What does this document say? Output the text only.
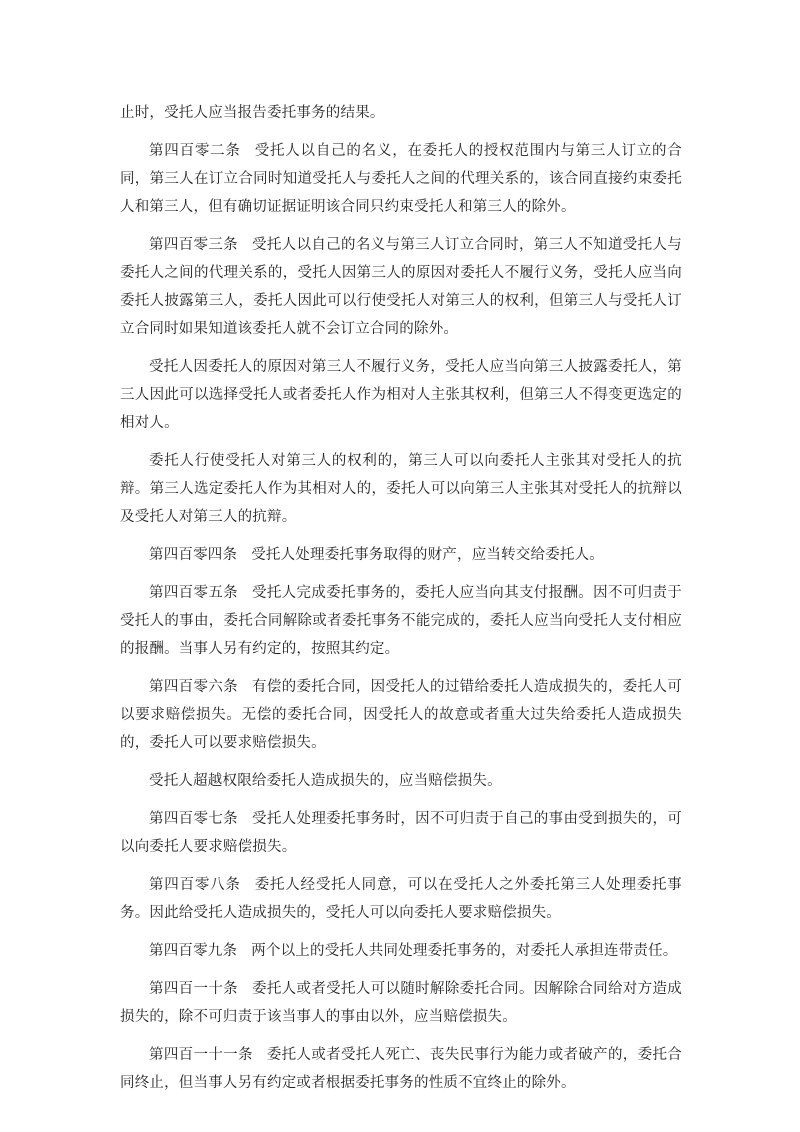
止时，受托人应当报告委托事务的结果。

第四百零二条 受托人以自己的名义，在委托人的授权范围内与第三人订立的合同，第三人在订立合同时知道受托人与委托人之间的代理关系的，该合同直接约束委托人和第三人，但有确切证据证明该合同只约束受托人和第三人的除外。

第四百零三条 受托人以自己的名义与第三人订立合同时，第三人不知道受托人与委托人之间的代理关系的，受托人因第三人的原因对委托人不履行义务，受托人应当向委托人披露第三人，委托人因此可以行使受托人对第三人的权利，但第三人与受托人订立合同时如果知道该委托人就不会订立合同的除外。

受托人因委托人的原因对第三人不履行义务，受托人应当向第三人披露委托人，第三人因此可以选择受托人或者委托人作为相对人主张其权利，但第三人不得变更选定的相对人。

委托人行使受托人对第三人的权利的，第三人可以向委托人主张其对受托人的抗辩。第三人选定委托人作为其相对人的，委托人可以向第三人主张其对受托人的抗辩以及受托人对第三人的抗辩。

第四百零四条 受托人处理委托事务取得的财产，应当转交给委托人。

第四百零五条 受托人完成委托事务的，委托人应当向其支付报酬。因不可归责于受托人的事由，委托合同解除或者委托事务不能完成的，委托人应当向受托人支付相应的报酬。当事人另有约定的，按照其约定。

第四百零六条 有偿的委托合同，因受托人的过错给委托人造成损失的，委托人可以要求赔偿损失。无偿的委托合同，因受托人的故意或者重大过失给委托人造成损失的，委托人可以要求赔偿损失。

受托人超越权限给委托人造成损失的，应当赔偿损失。

第四百零七条 受托人处理委托事务时，因不可归责于自己的事由受到损失的，可以向委托人要求赔偿损失。

第四百零八条 委托人经受托人同意，可以在受托人之外委托第三人处理委托事务。因此给受托人造成损失的，受托人可以向委托人要求赔偿损失。

第四百零九条 两个以上的受托人共同处理委托事务的，对委托人承担连带责任。

第四百一十条 委托人或者受托人可以随时解除委托合同。因解除合同给对方造成损失的，除不可归责于该当事人的事由以外，应当赔偿损失。

第四百一十一条 委托人或者受托人死亡、丧失民事行为能力或者破产的，委托合同终止，但当事人另有约定或者根据委托事务的性质不宜终止的除外。
